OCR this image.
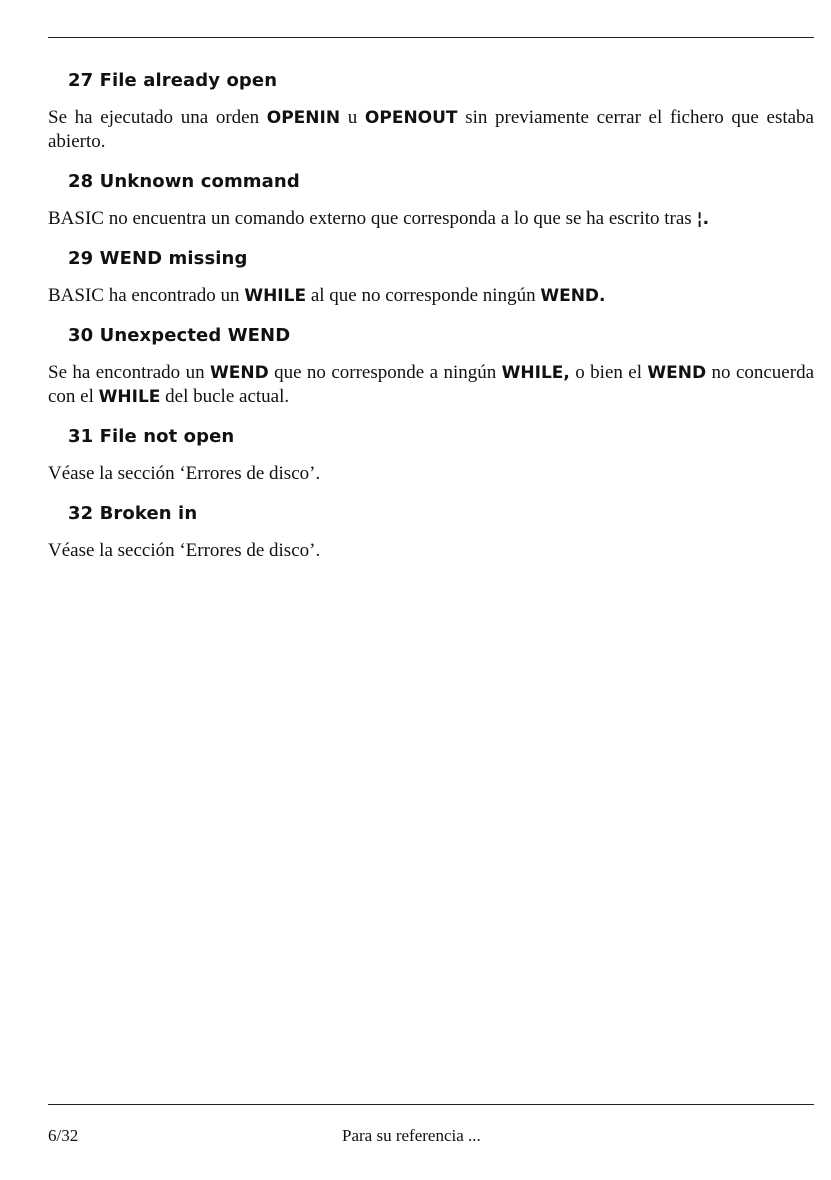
27 File already open
Se ha ejecutado una orden OPENIN u OPENOUT sin previamente cerrar el fichero que estaba abierto.
28 Unknown command
BASIC no encuentra un comando externo que corresponda a lo que se ha escrito tras ¦.
29 WEND missing
BASIC ha encontrado un WHILE al que no corresponde ningún WEND.
30 Unexpected WEND
Se ha encontrado un WEND que no corresponde a ningún WHILE, o bien el WEND no concuerda con el WHILE del bucle actual.
31 File not open
Véase la sección ‘Errores de disco’.
32 Broken in
Véase la sección ‘Errores de disco’.
6/32	Para su referencia ...
